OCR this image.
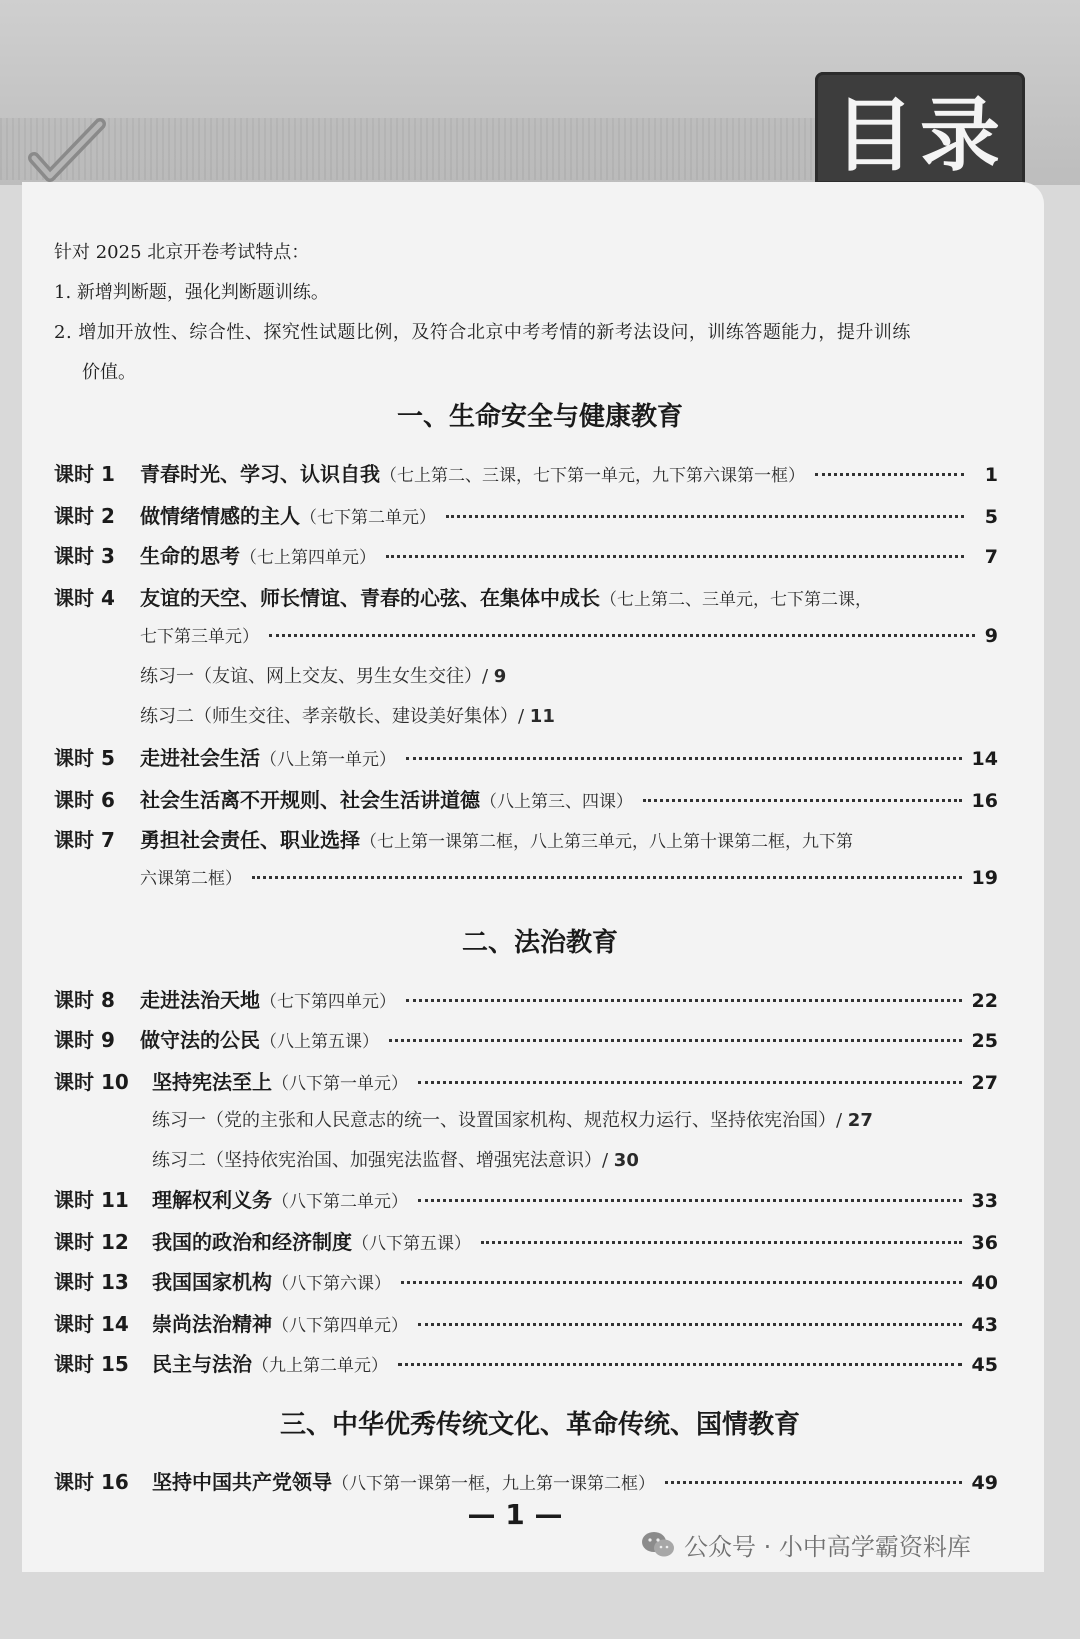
目录
针对 2025 北京开卷考试特点：
1. 新增判断题，强化判断题训练。
2. 增加开放性、综合性、探究性试题比例，及符合北京中考考情的新考法设问，训练答题能力，提升训练
价值。
一、生命安全与健康教育
课时 1	青春时光、学习、认识自我 （七上第二、三课，七下第一单元，九下第六课第一框）	1
课时 2	做情绪情感的主人 （七下第二单元）	5
课时 3	生命的思考 （七上第四单元）	7
课时 4	友谊的天空、师长情谊、青春的心弦、在集体中成长 （七上第二、三单元，七下第二课，
七下第三单元）	9
练习一（友谊、网上交友、男生女生交往）/ 9
练习二（师生交往、孝亲敬长、建设美好集体）/ 11
课时 5	走进社会生活 （八上第一单元）	14
课时 6	社会生活离不开规则、社会生活讲道德 （八上第三、四课）	16
课时 7	勇担社会责任、职业选择 （七上第一课第二框，八上第三单元，八上第十课第二框，九下第
六课第二框）	19
二、法治教育
课时 8	走进法治天地 （七下第四单元）	22
课时 9	做守法的公民 （八上第五课）	25
课时 10	坚持宪法至上 （八下第一单元）	27
练习一（党的主张和人民意志的统一、设置国家机构、规范权力运行、坚持依宪治国）/ 27
练习二（坚持依宪治国、加强宪法监督、增强宪法意识）/ 30
课时 11	理解权利义务 （八下第二单元）	33
课时 12	我国的政治和经济制度 （八下第五课）	36
课时 13	我国国家机构 （八下第六课）	40
课时 14	崇尚法治精神 （八下第四单元）	43
课时 15	民主与法治 （九上第二单元）	45
三、中华优秀传统文化、革命传统、国情教育
课时 16	坚持中国共产党领导 （八下第一课第一框，九上第一课第二框）	49
— 1 —
公众号 · 小中高学霸资料库
